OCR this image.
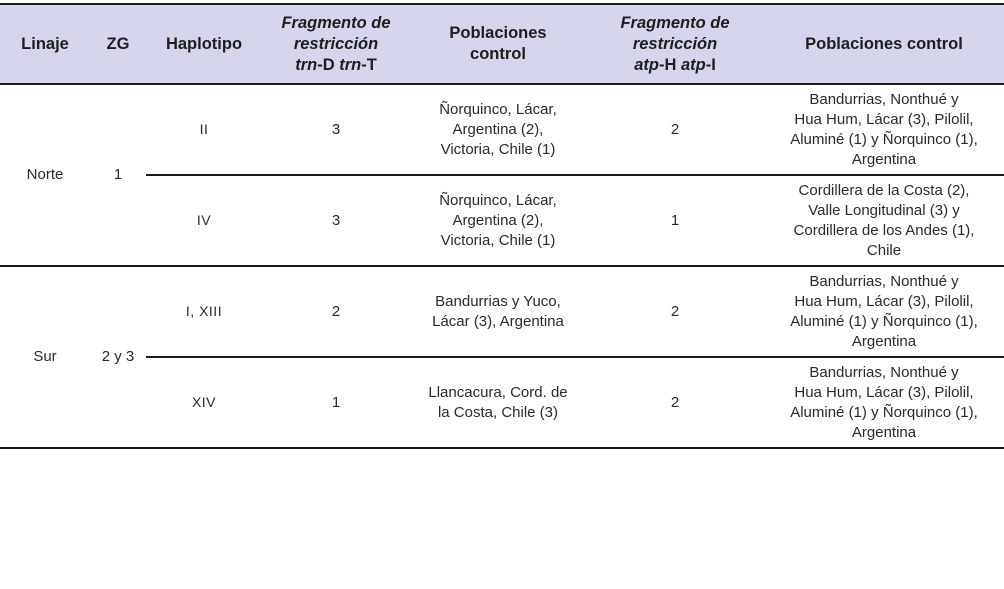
Linaje	ZG	Haplotipo	Fragmento de
restricción
trn-D trn-T	Poblaciones
control	Fragmento de
restricción
atp-H atp-I	Poblaciones control
Norte	1	II	3	Ñorquinco, Lácar,
Argentina (2),
Victoria, Chile (1)	2	Bandurrias, Nonthué y
Hua Hum, Lácar (3), Pilolil,
Aluminé (1) y Ñorquinco (1),
Argentina
		IV	3	Ñorquinco, Lácar,
Argentina (2),
Victoria, Chile (1)	1	Cordillera de la Costa (2),
Valle Longitudinal (3) y
Cordillera de los Andes (1),
Chile
Sur	2 y 3	I, XIII	2	Bandurrias y Yuco,
Lácar (3), Argentina	2	Bandurrias, Nonthué y
Hua Hum, Lácar (3), Pilolil,
Aluminé (1) y Ñorquinco (1),
Argentina
		XIV	1	Llancacura, Cord. de
la Costa, Chile (3)	2	Bandurrias, Nonthué y
Hua Hum, Lácar (3), Pilolil,
Aluminé (1) y Ñorquinco (1),
Argentina
